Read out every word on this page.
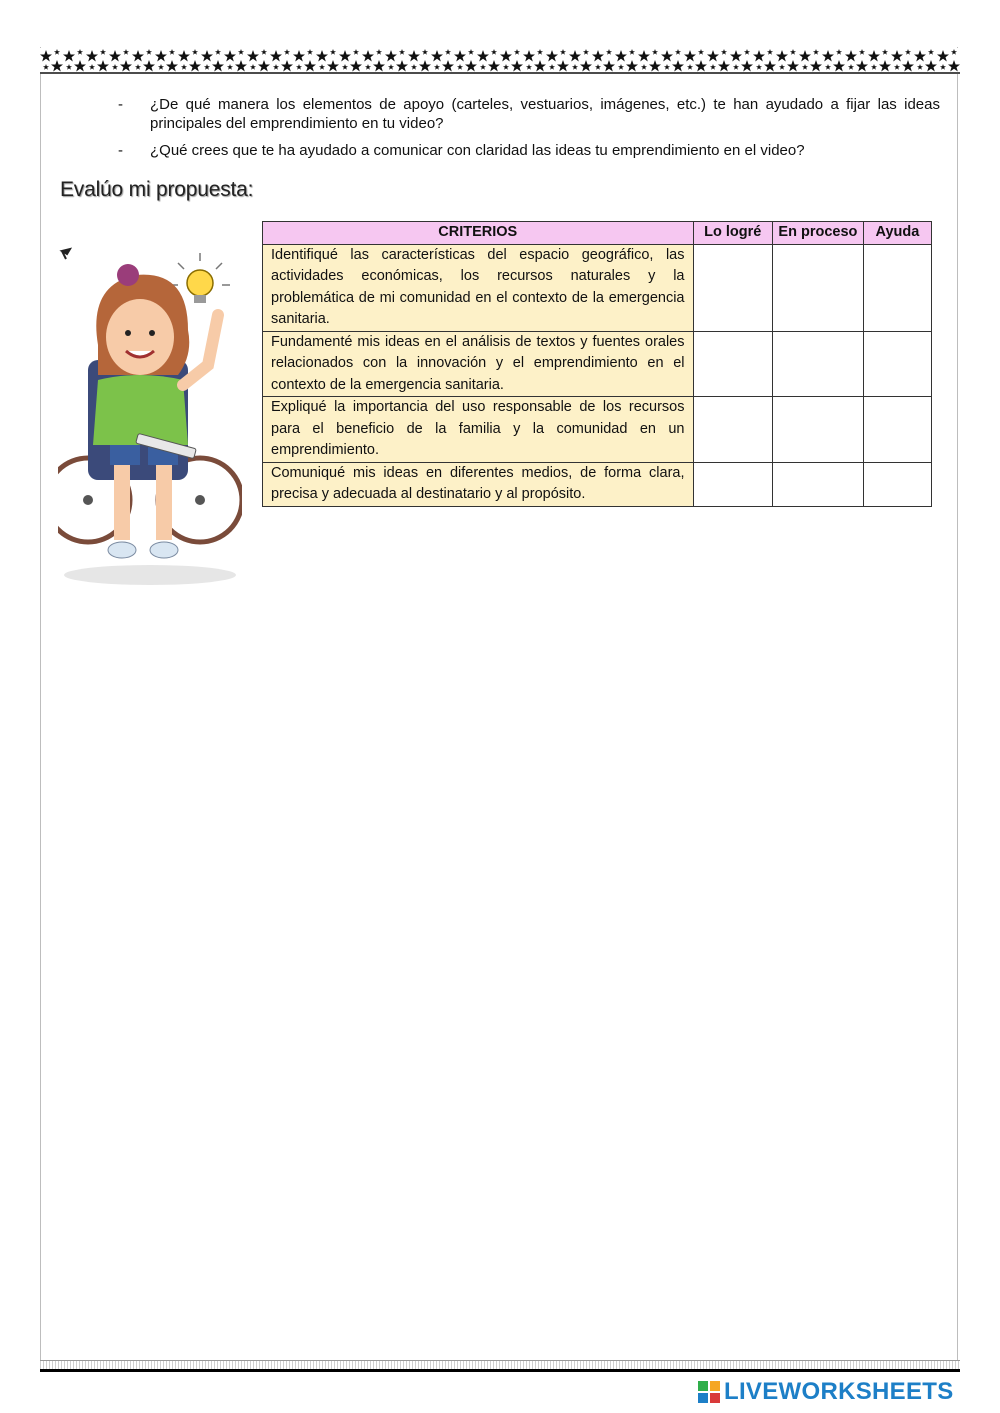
-	¿De qué manera los elementos de apoyo (carteles, vestuarios, imágenes, etc.) te han ayudado a fijar las ideas principales del emprendimiento en tu video?
-	¿Qué crees que te ha ayudado a comunicar con claridad las ideas tu emprendimiento en el video?
Evalúo mi propuesta:
CRITERIOS	Lo logré	En proceso	Ayuda
Identifiqué las características del espacio geográfico, las actividades económicas, los recursos naturales y la problemática de mi comunidad en el contexto de la emergencia sanitaria.			
Fundamenté mis ideas en el análisis de textos y fuentes orales relacionados con la innovación y el emprendimiento en el contexto de la emergencia sanitaria.			
Expliqué la importancia del uso responsable de los recursos para el beneficio de la familia y la comunidad en un emprendimiento.			
Comuniqué mis ideas en diferentes medios, de forma clara, precisa y adecuada al destinatario y al propósito.			
LIVEWORKSHEETS
